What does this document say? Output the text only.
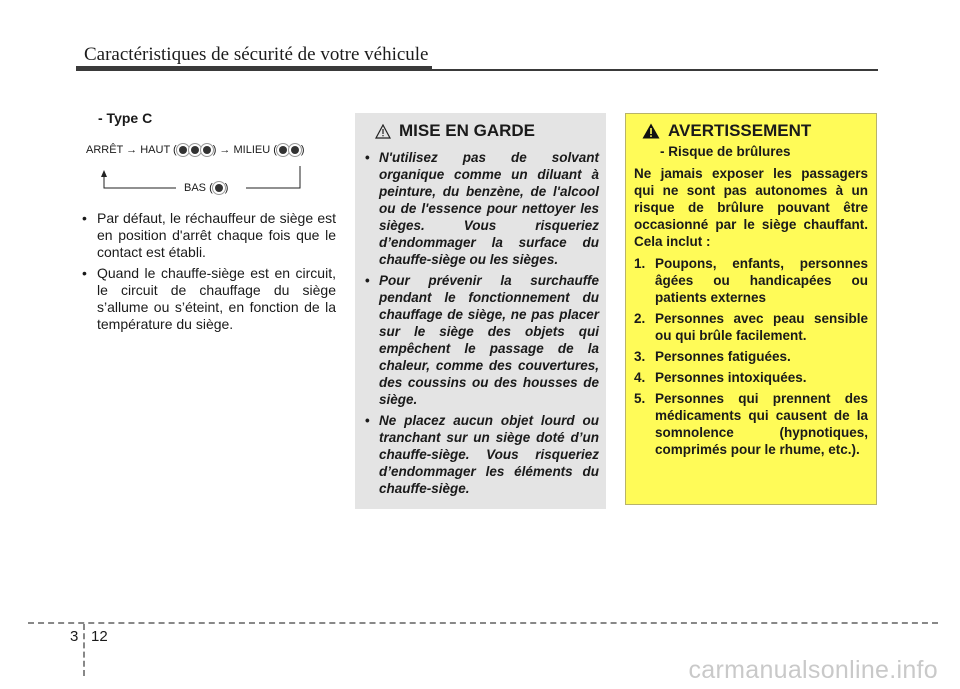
Caractéristiques de sécurité de votre véhicule
- Type C
ARRÊT → HAUT (	) → MILIEU ( )
BAS ( )
• Par défaut, le réchauffeur de siège est en position d'arrêt chaque fois que le contact est établi.
• Quand le chauffe-siège est en circuit, le circuit de chauffage du siège s’allume ou s’éteint, en fonction de la température du siège.
MISE EN GARDE
• N'utilisez pas de solvant organique comme un diluant à peinture, du benzène, de l'alcool ou de l'essence pour nettoyer les sièges. Vous risqueriez d’endommager la surface du chauffe-siège ou les sièges.
• Pour prévenir la surchauffe pendant le fonctionnement du chauffage de siège, ne pas placer sur le siège des objets qui empêchent le passage de la chaleur, comme des couvertures, des coussins ou des housses de siège.
• Ne placez aucun objet lourd ou tranchant sur un siège doté d’un chauffe-siège. Vous risqueriez d’endommager les éléments du chauffe-siège.
AVERTISSEMENT
- Risque de brûlures
Ne jamais exposer les passagers qui ne sont pas autonomes à un risque de brûlure pouvant être occasionné par le siège chauffant. Cela inclut :
1. Poupons, enfants, personnes âgées ou handicapées ou patients externes
2. Personnes avec peau sensible ou qui brûle facilement.
3. Personnes fatiguées.
4. Personnes intoxiquées.
5. Personnes qui prennent des médicaments qui causent de la somnolence (hypnotiques, comprimés pour le rhume, etc.).
3 12
carmanualsonline.info
